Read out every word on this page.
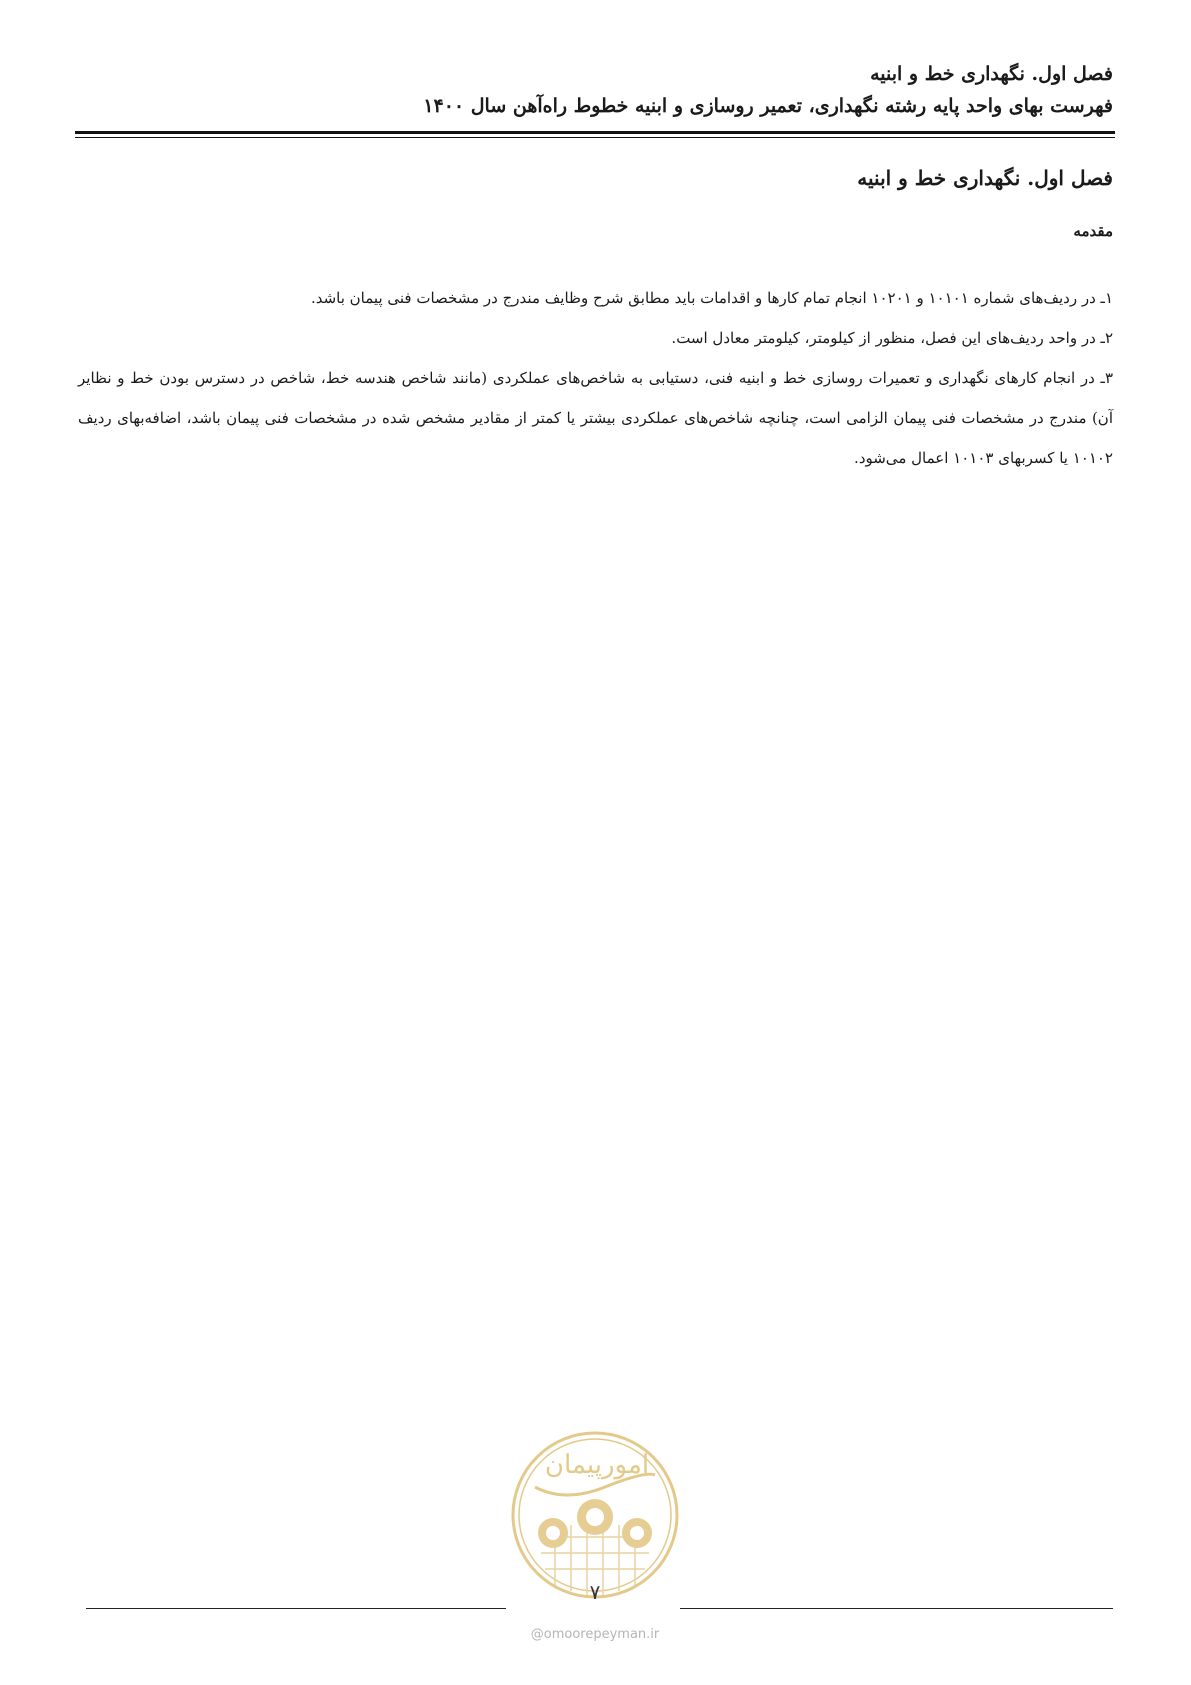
فصل اول. نگهداری خط و ابنیه
فهرست بهای واحد پایه رشته نگهداری، تعمیر روسازی و ابنیه خطوط راه‌آهن سال ۱۴۰۰
فصل اول. نگهداری خط و ابنیه
مقدمه

۱ـ در ردیف‌های شماره ۱۰۱۰۱ و ۱۰۲۰۱ انجام تمام کارها و اقدامات باید مطابق شرح وظایف مندرج در مشخصات فنی پیمان باشد.

۲ـ در واحد ردیف‌های این فصل، منظور از کیلومتر، کیلومتر معادل است.

۳ـ در انجام کارهای نگهداری و تعمیرات روسازی خط و ابنیه فنی، دستیابی به شاخص‌های عملکردی (مانند شاخص هندسه خط، شاخص در دسترس بودن خط و نظایر آن) مندرج در مشخصات فنی پیمان الزامی است، چنانچه شاخص‌های عملکردی بیشتر یا کمتر از مقادیر مشخص شده در مشخصات فنی پیمان باشد، اضافه‌بهای ردیف ۱۰۱۰۲ یا کسربهای ۱۰۱۰۳ اعمال می‌شود.

امورپیمان
۷
@omoorepeyman.ir
